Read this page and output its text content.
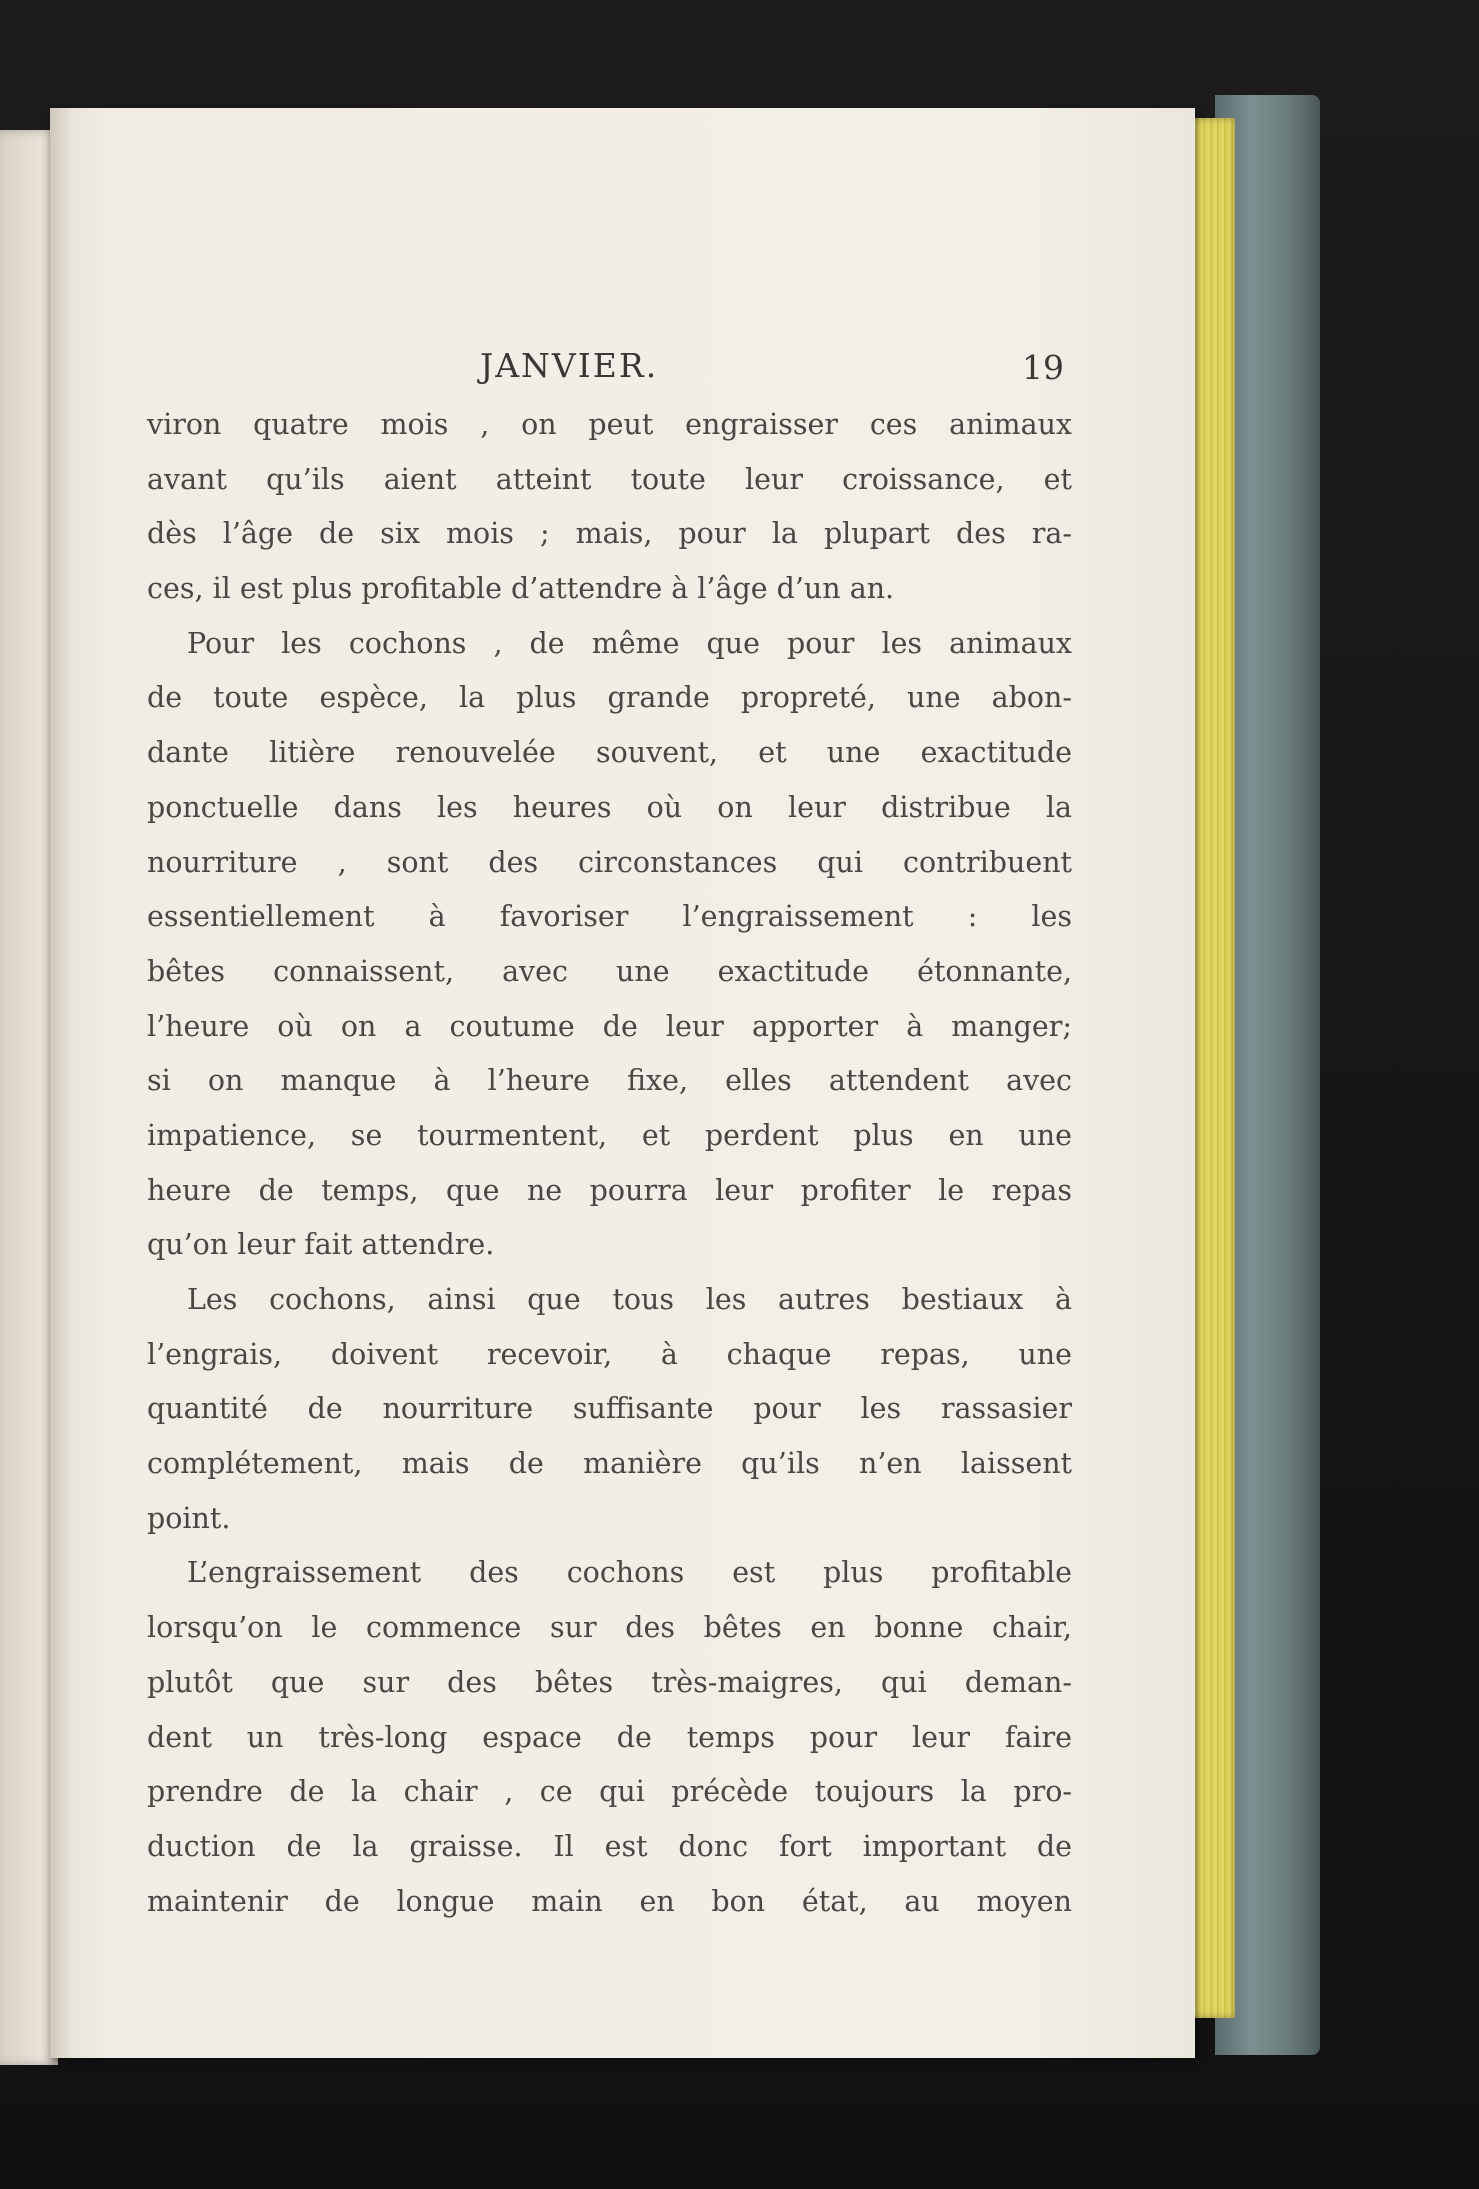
JANVIER.	19
viron quatre mois , on peut engraisser ces animaux
avant qu’ils aient atteint toute leur croissance, et
dès l’âge de six mois ; mais, pour la plupart des ra-
ces, il est plus profitable d’attendre à l’âge d’un an.
Pour les cochons , de même que pour les animaux
de toute espèce, la plus grande propreté, une abon-
dante litière renouvelée souvent, et une exactitude
ponctuelle dans les heures où on leur distribue la
nourriture , sont des circonstances qui contribuent
essentiellement à favoriser l’engraissement : les
bêtes connaissent, avec une exactitude étonnante,
l’heure où on a coutume de leur apporter à manger;
si on manque à l’heure fixe, elles attendent avec
impatience, se tourmentent, et perdent plus en une
heure de temps, que ne pourra leur profiter le repas
qu’on leur fait attendre.
Les cochons, ainsi que tous les autres bestiaux à
l’engrais, doivent recevoir, à chaque repas, une
quantité de nourriture suffisante pour les rassasier
complétement, mais de manière qu’ils n’en laissent
point.
L’engraissement des cochons est plus profitable
lorsqu’on le commence sur des bêtes en bonne chair,
plutôt que sur des bêtes très-maigres, qui deman-
dent un très-long espace de temps pour leur faire
prendre de la chair , ce qui précède toujours la pro-
duction de la graisse. Il est donc fort important de
maintenir de longue main en bon état, au moyen
